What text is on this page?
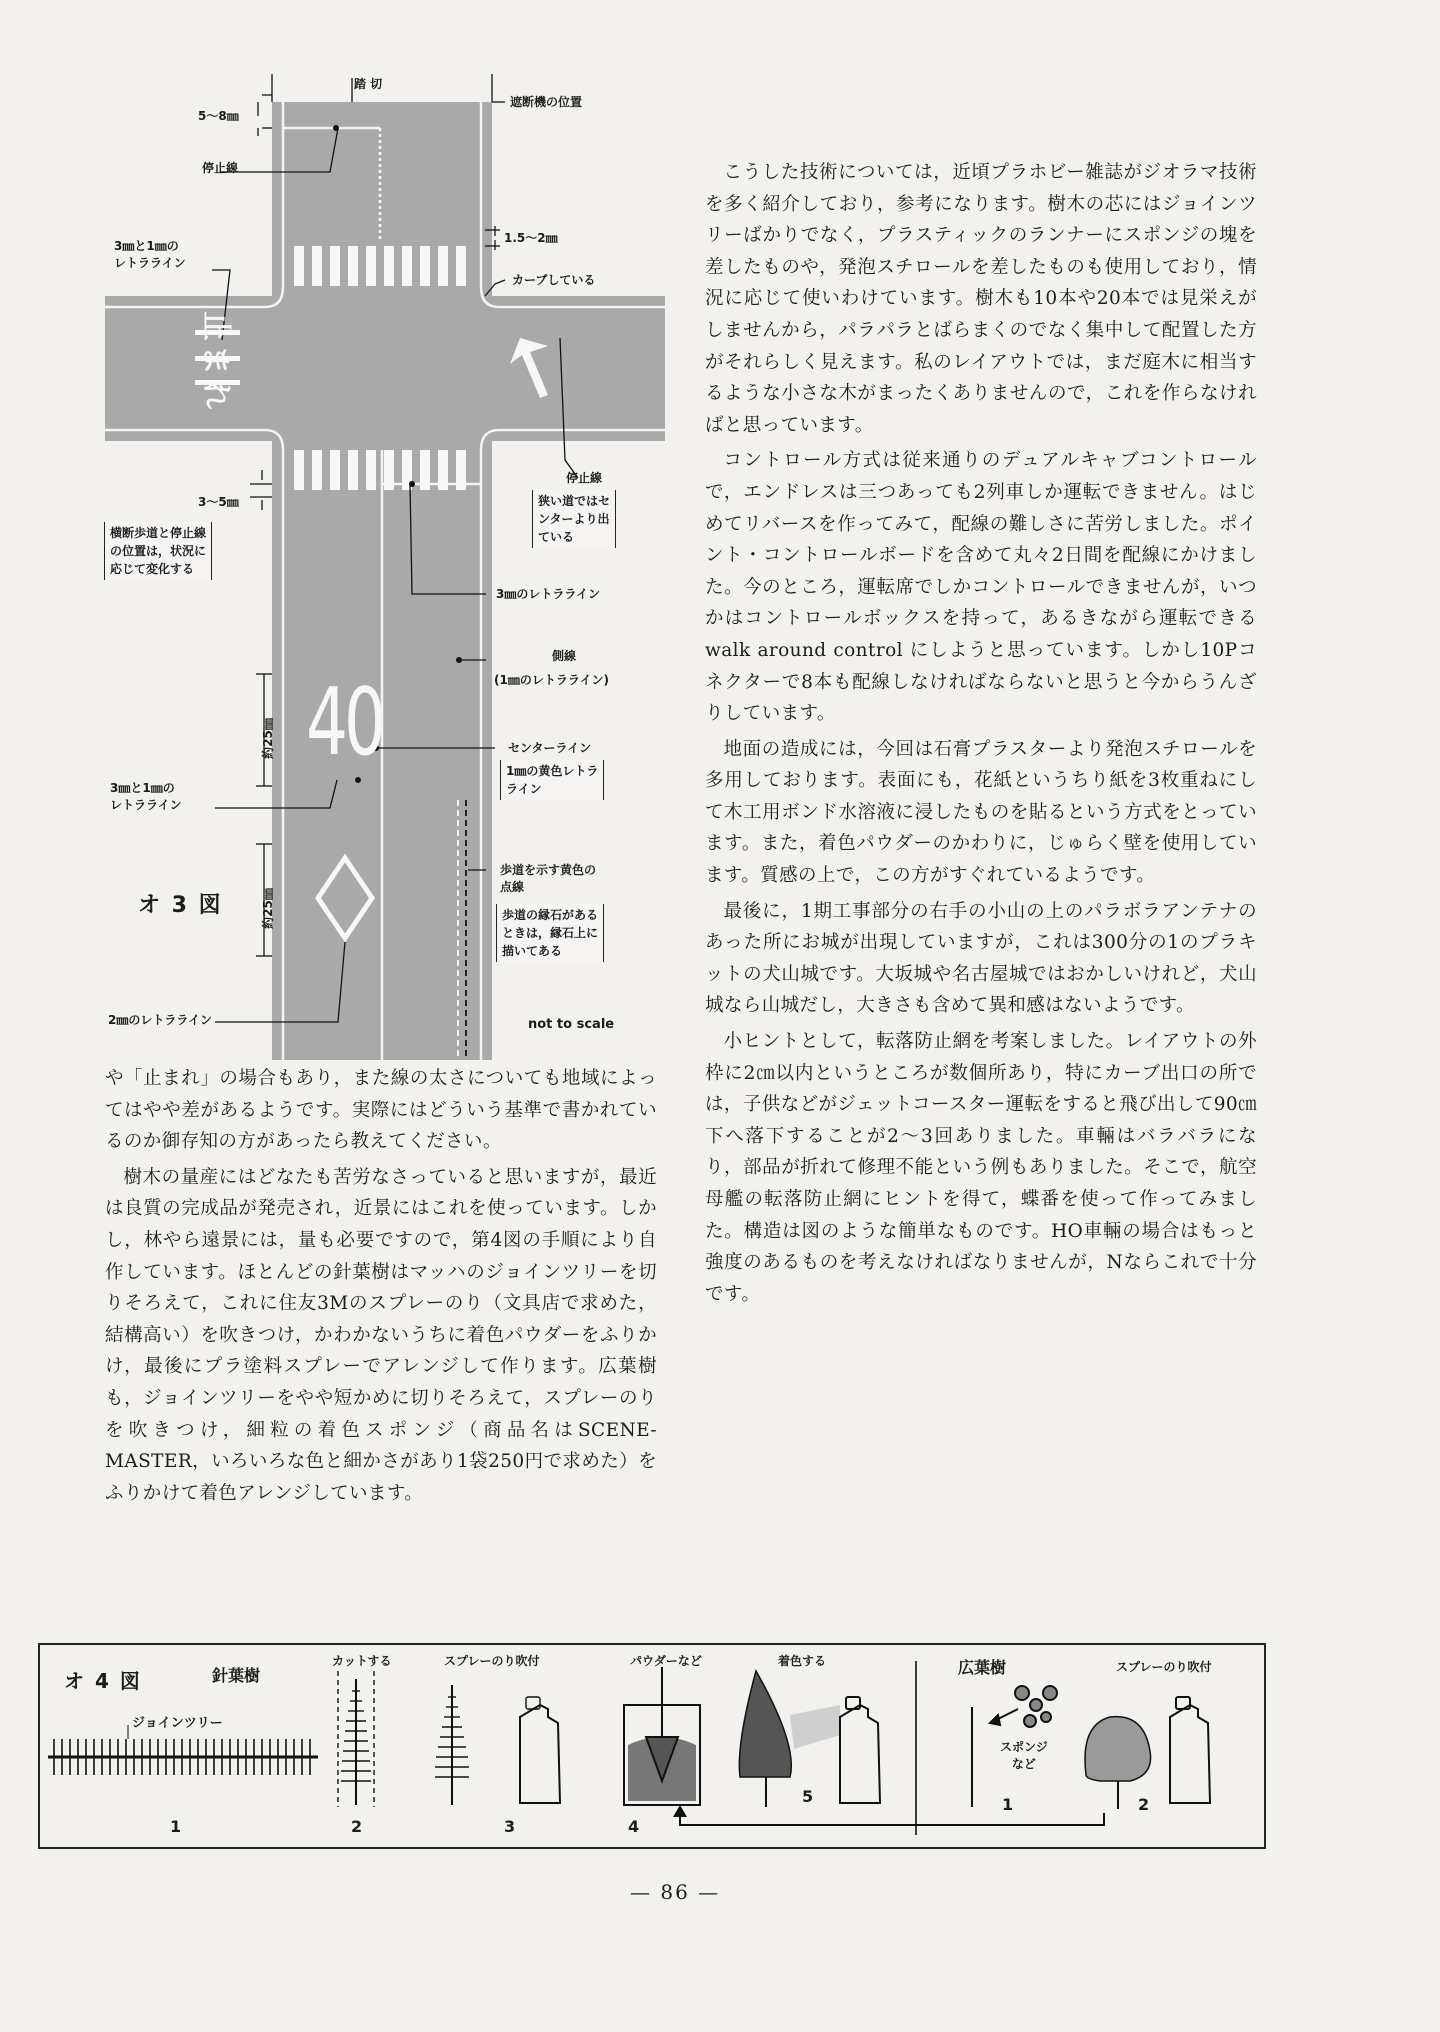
止まれ
40
踏 切
5〜8㎜
停止線
3㎜と1㎜の
レトラライン
遮断機の位置
1.5〜2㎜
カーブしている
停止線
狭い道ではセ
ンターより出
ている
3〜5㎜
横断歩道と停止線
の位置は，状況に
応じて変化する
3㎜のレトラライン
側線
(1㎜のレトラライン)
センターライン
1㎜の黄色レトラ
ライン
3㎜と1㎜の
レトラライン
約25㎜
約25㎜
歩道を示す黄色の
点線
歩道の縁石がある
ときは，縁石上に
描いてある
2㎜のレトラライン
オ 3 図
not to scale

や「止まれ」の場合もあり，また線の太さについても地域によってはやや差があるようです。実際にはどういう基準で書かれているのか御存知の方があったら教えてください。

樹木の量産にはどなたも苦労なさっていると思いますが，最近は良質の完成品が発売され，近景にはこれを使っています。しかし，林やら遠景には，量も必要ですので，第4図の手順により自作しています。ほとんどの針葉樹はマッハのジョインツリーを切りそろえて，これに住友3Mのスプレーのり（文具店で求めた，結構高い）を吹きつけ，かわかないうちに着色パウダーをふりかけ，最後にプラ塗料スプレーでアレンジして作ります。広葉樹も，ジョインツリーをやや短かめに切りそろえて，スプレーのりを吹きつけ，細粒の着色スポンジ（商品名はSCENE-MASTER，いろいろな色と細かさがあり1袋250円で求めた）をふりかけて着色アレンジしています。

こうした技術については，近頃プラホビー雑誌がジオラマ技術を多く紹介しており，参考になります。樹木の芯にはジョインツリーばかりでなく，プラスティックのランナーにスポンジの塊を差したものや，発泡スチロールを差したものも使用しており，情況に応じて使いわけています。樹木も10本や20本では見栄えがしませんから，パラパラとばらまくのでなく集中して配置した方がそれらしく見えます。私のレイアウトでは，まだ庭木に相当するような小さな木がまったくありませんので，これを作らなければと思っています。

コントロール方式は従来通りのデュアルキャブコントロールで，エンドレスは三つあっても2列車しか運転できません。はじめてリバースを作ってみて，配線の難しさに苦労しました。ポイント・コントロールボードを含めて丸々2日間を配線にかけました。今のところ，運転席でしかコントロールできませんが，いつかはコントロールボックスを持って，あるきながら運転できる walk around control にしようと思っています。しかし10Pコネクターで8本も配線しなければならないと思うと今からうんざりしています。

地面の造成には，今回は石膏プラスターより発泡スチロールを多用しております。表面にも，花紙というちり紙を3枚重ねにして木工用ボンド水溶液に浸したものを貼るという方式をとっています。また，着色パウダーのかわりに，じゅらく壁を使用しています。質感の上で，この方がすぐれているようです。

最後に，1期工事部分の右手の小山の上のパラボラアンテナのあった所にお城が出現していますが，これは300分の1のプラキットの犬山城です。大坂城や名古屋城ではおかしいけれど，犬山城なら山城だし，大きさも含めて異和感はないようです。

小ヒントとして，転落防止網を考案しました。レイアウトの外枠に2㎝以内というところが数個所あり，特にカーブ出口の所では，子供などがジェットコースター運転をすると飛び出して90㎝下へ落下することが2〜3回ありました。車輛はバラバラになり，部品が折れて修理不能という例もありました。そこで，航空母艦の転落防止網にヒントを得て，蝶番を使って作ってみました。構造は図のような簡単なものです。HO車輛の場合はもっと強度のあるものを考えなければなりませんが，Nならこれで十分です。

オ 4 図	針葉樹
ジョインツリー
カットする	スプレーのり吹付	パウダーなど	着色する	広葉樹	スプレーのり吹付
スポンジ
など
1	2	3	4
5	1	2
— 86 —
